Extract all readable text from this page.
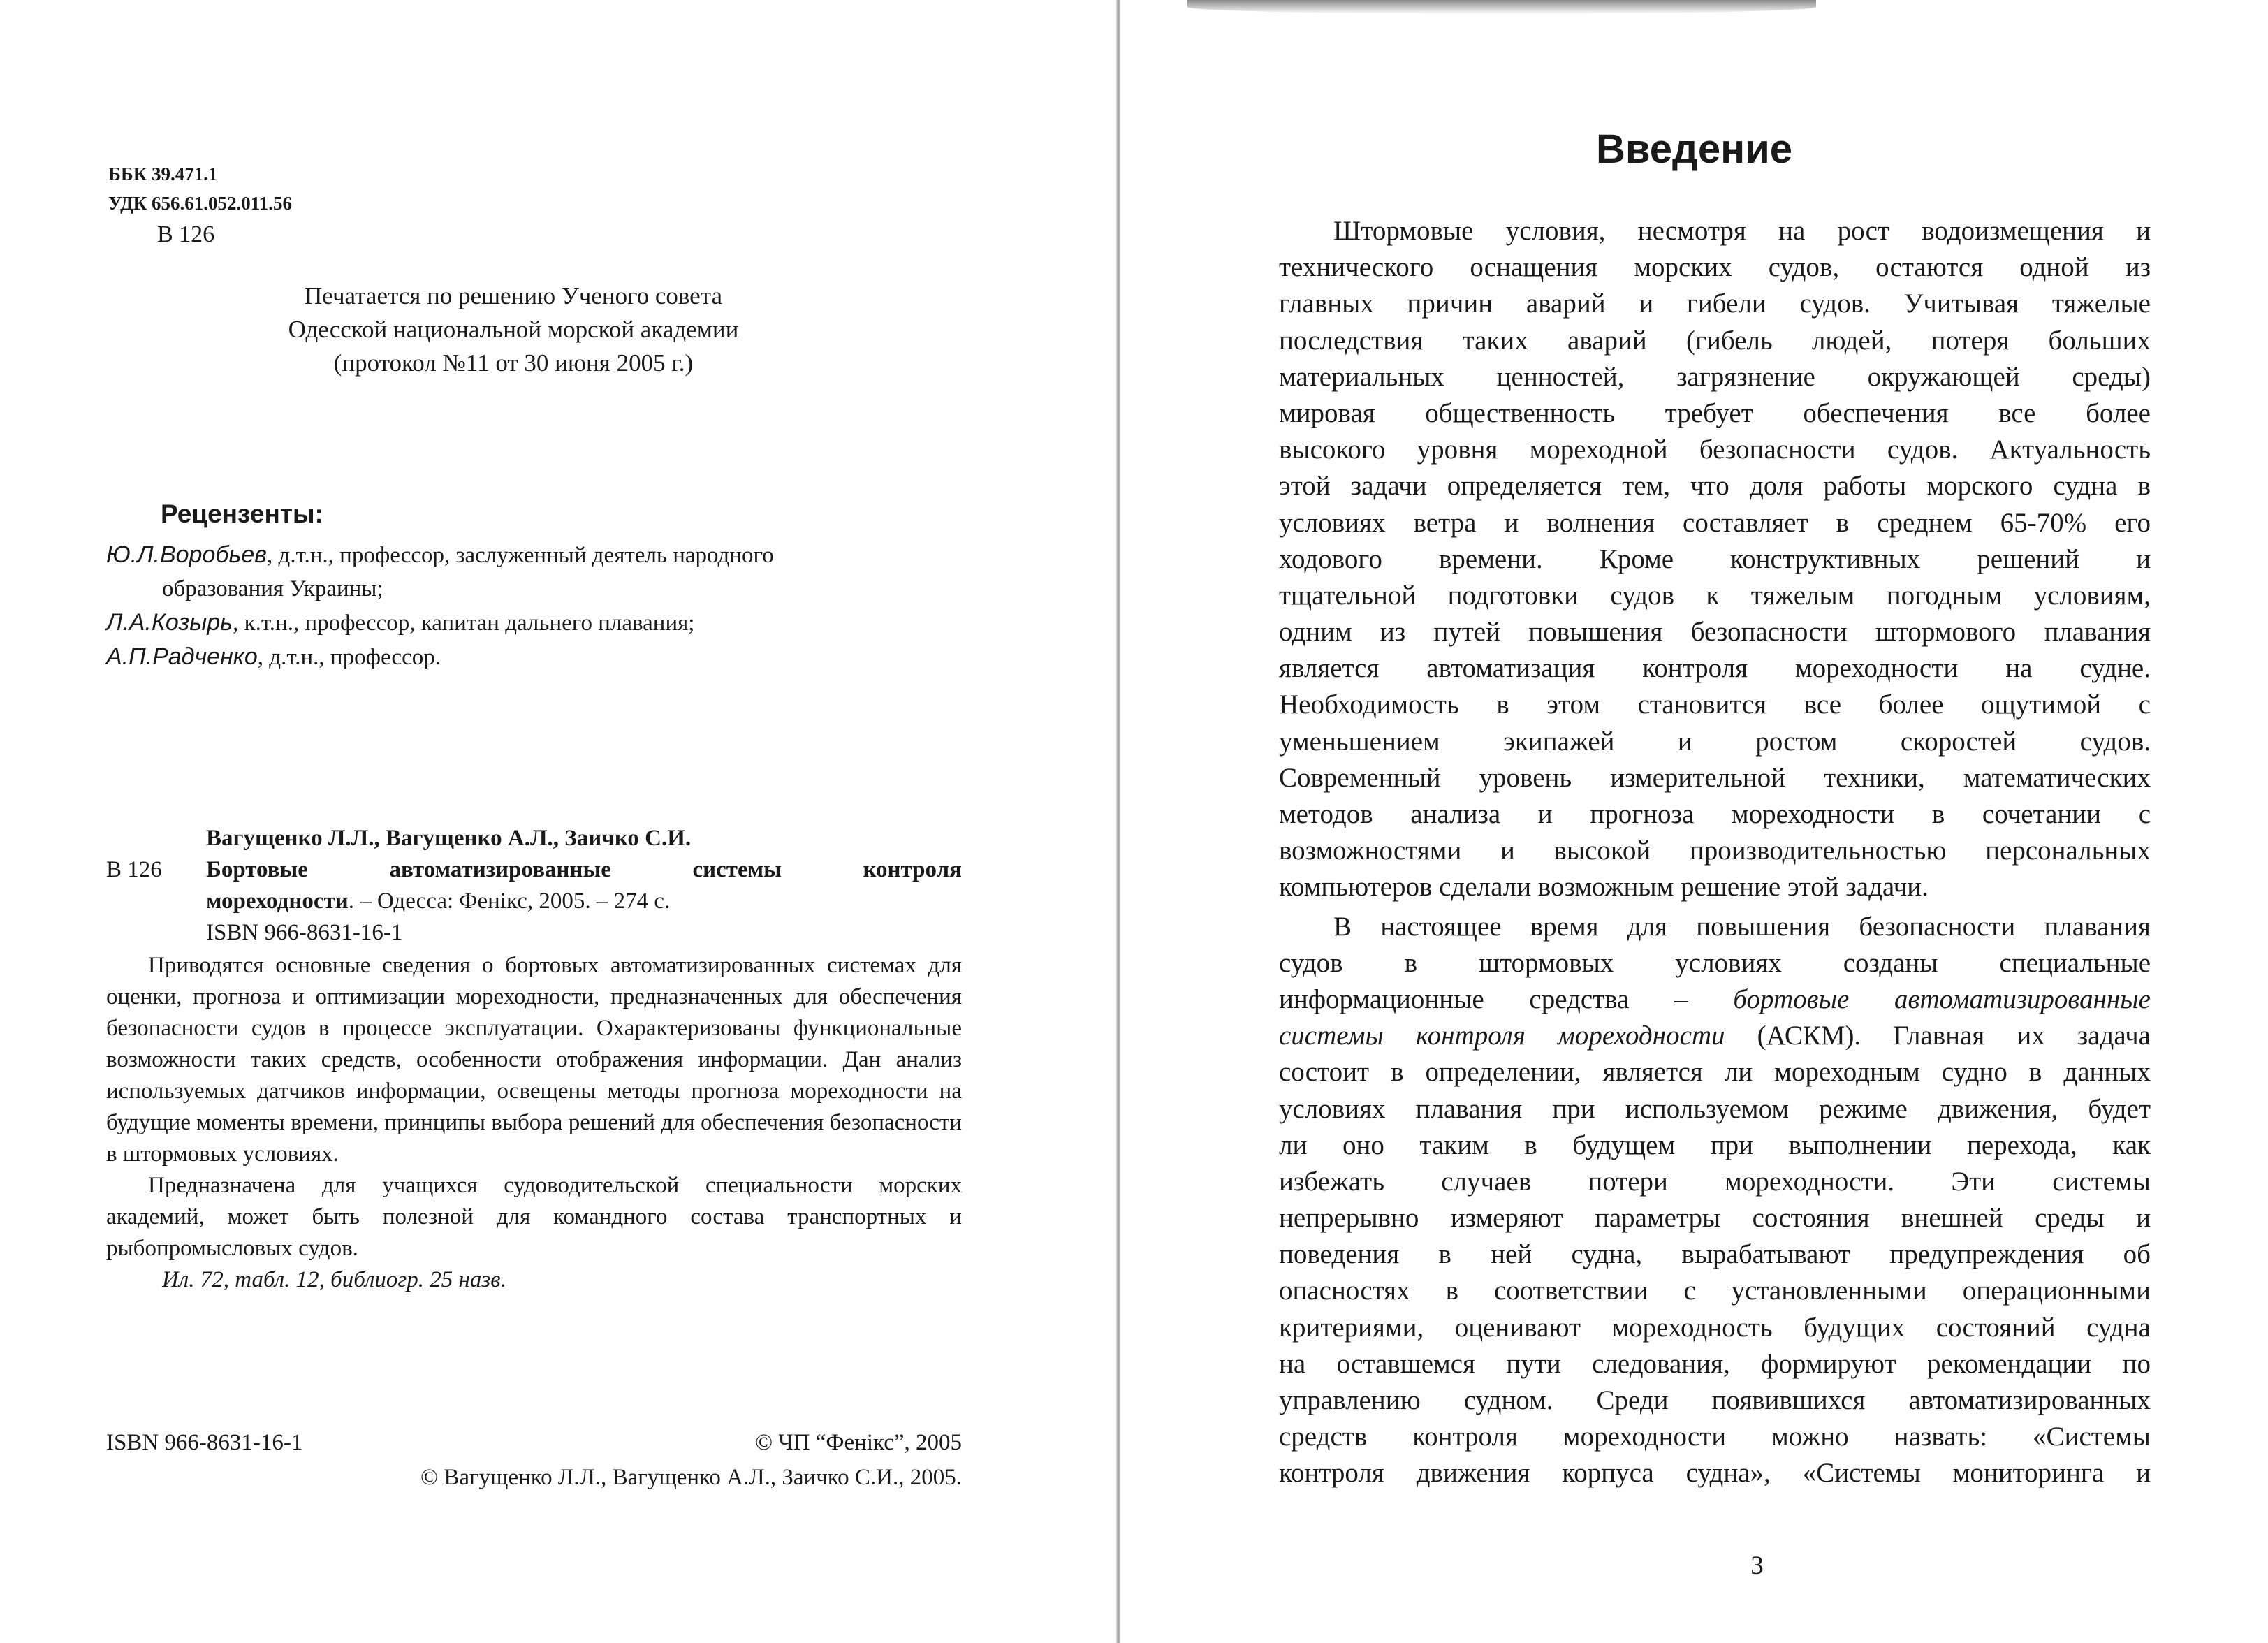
ББК 39.471.1
УДК 656.61.052.011.56
В 126
Печатается по решению Ученого совета
Одесской национальной морской академии
(протокол №11 от 30 июня 2005 г.)
Рецензенты:
Ю.Л.Воробьев, д.т.н., профессор, заслуженный деятель народного
образования Украины;
Л.А.Козырь, к.т.н., профессор, капитан дальнего плавания;
А.П.Радченко, д.т.н., профессор.
Вагущенко Л.Л., Вагущенко А.Л., Заичко С.И.
В 126	Бортовые	автоматизированные	системы	контроля
мореходности. – Одесса: Фенікс, 2005. – 274 с.
ISBN 966-8631-16-1

Приводятся основные сведения о бортовых автоматизированных системах для оценки, прогноза и оптимизации мореходности, предназначенных для обеспечения безопасности судов в процессе эксплуатации. Охарактеризованы функциональные возможности таких средств, особенности отображения информации. Дан анализ используемых датчиков информации, освещены методы прогноза мореходности на будущие моменты времени, принципы выбора решений для обеспечения безопасности в штормовых условиях.

Предназначена для учащихся судоводительской специальности морских академий, может быть полезной для командного состава транспортных и рыбопромысловых судов.

Ил. 72, табл. 12, библиогр. 25 назв.

ISBN 966-8631-16-1	© ЧП “Фенікс”, 2005
© Вагущенко Л.Л., Вагущенко А.Л., Заичко С.И., 2005.
Введение
Штормовые условия, несмотря на рост водоизмещения и
технического оснащения морских судов, остаются одной из
главных причин аварий и гибели судов. Учитывая тяжелые
последствия таких аварий (гибель людей, потеря больших
материальных ценностей, загрязнение окружающей среды)
мировая общественность требует обеспечения все более
высокого уровня мореходной безопасности судов. Актуальность
этой задачи определяется тем, что доля работы морского судна в
условиях ветра и волнения составляет в среднем 65-70% его
ходового времени. Кроме конструктивных решений и
тщательной подготовки судов к тяжелым погодным условиям,
одним из путей повышения безопасности штормового плавания
является автоматизация контроля мореходности на судне.
Необходимость в этом становится все более ощутимой с
уменьшением экипажей и ростом скоростей судов.
Современный уровень измерительной техники, математических
методов анализа и прогноза мореходности в сочетании с
возможностями и высокой производительностью персональных
компьютеров сделали возможным решение этой задачи.
В настоящее время для повышения безопасности плавания
судов в штормовых условиях созданы специальные
информационные средства – бортовые автоматизированные
системы контроля мореходности (АСКМ). Главная их задача
состоит в определении, является ли мореходным судно в данных
условиях плавания при используемом режиме движения, будет
ли оно таким в будущем при выполнении перехода, как
избежать случаев потери мореходности. Эти системы
непрерывно измеряют параметры состояния внешней среды и
поведения в ней судна, вырабатывают предупреждения об
опасностях в соответствии с установленными операционными
критериями, оценивают мореходность будущих состояний судна
на оставшемся пути следования, формируют рекомендации по
управлению судном. Среди появившихся автоматизированных
средств контроля мореходности можно назвать: «Системы
контроля движения корпуса судна», «Системы мониторинга и
3
